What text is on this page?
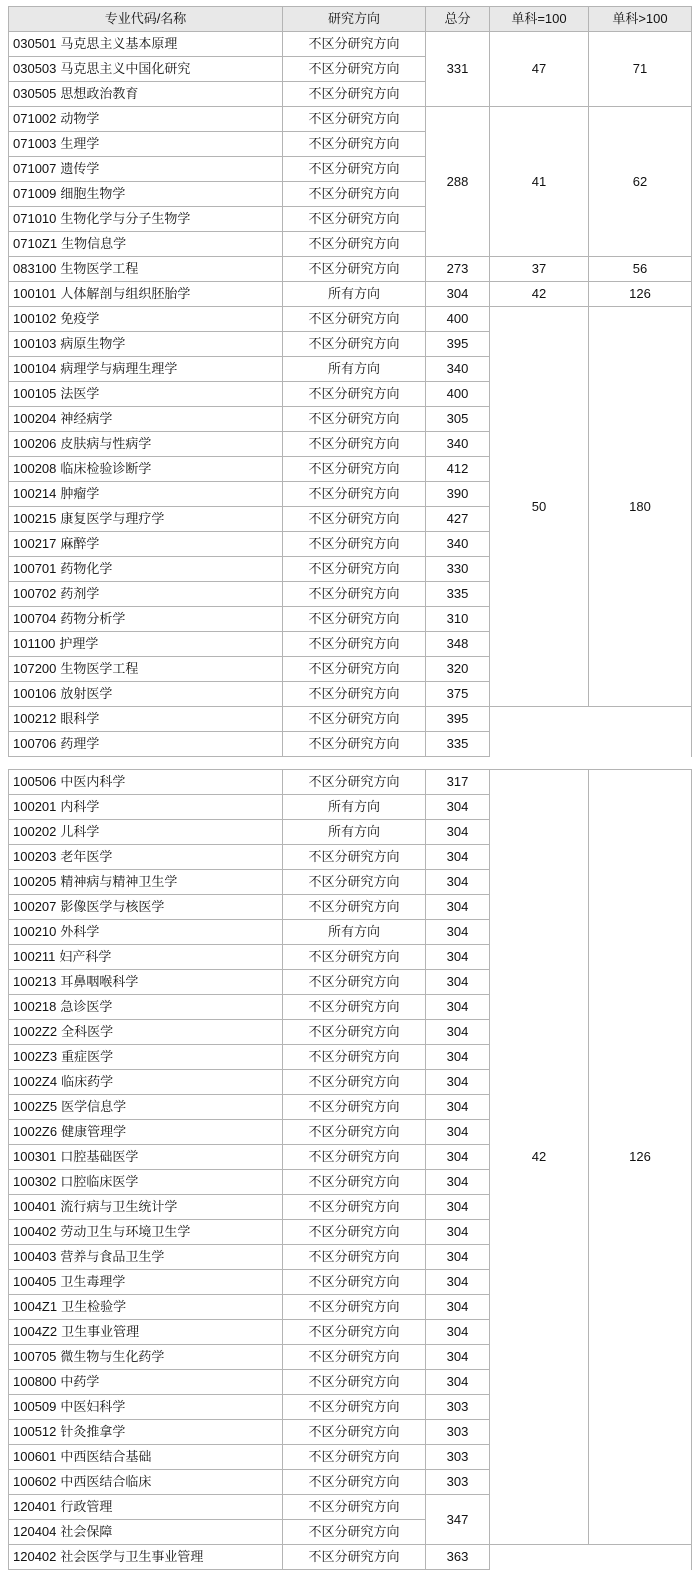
专业代码/名称	研究方向	总分	单科=100	单科>100	
030501 马克思主义基本原理	不区分研究方向	331	47	71	
030503 马克思主义中国化研究	不区分研究方向				
030505 思想政治教育	不区分研究方向				
071002 动物学	不区分研究方向	288	41	62	
071003 生理学	不区分研究方向				
071007 遗传学	不区分研究方向				
071009 细胞生物学	不区分研究方向				
071010 生物化学与分子生物学	不区分研究方向				
0710Z1 生物信息学	不区分研究方向				
083100 生物医学工程	不区分研究方向	273	37	56	
100101 人体解剖与组织胚胎学	所有方向	304	42	126	
100102 免疫学	不区分研究方向	400	50	180	
100103 病原生物学	不区分研究方向	395			
100104 病理学与病理生理学	所有方向	340			
100105 法医学	不区分研究方向	400			
100204 神经病学	不区分研究方向	305			
100206 皮肤病与性病学	不区分研究方向	340			
100208 临床检验诊断学	不区分研究方向	412			
100214 肿瘤学	不区分研究方向	390			
100215 康复医学与理疗学	不区分研究方向	427			
100217 麻醉学	不区分研究方向	340			
100701 药物化学	不区分研究方向	330			
100702 药剂学	不区分研究方向	335			
100704 药物分析学	不区分研究方向	310			
101100 护理学	不区分研究方向	348			
107200 生物医学工程	不区分研究方向	320			
100106 放射医学	不区分研究方向	375		
100212 眼科学	不区分研究方向	395			
100706 药理学	不区分研究方向	335			
100506 中医内科学	不区分研究方向	317	42	126	
100201 内科学	所有方向	304			
100202 儿科学	所有方向	304			
100203 老年医学	不区分研究方向	304			
100205 精神病与精神卫生学	不区分研究方向	304			
100207 影像医学与核医学	不区分研究方向	304			
100210 外科学	所有方向	304			
100211 妇产科学	不区分研究方向	304			
100213 耳鼻咽喉科学	不区分研究方向	304			
100218 急诊医学	不区分研究方向	304			
1002Z2 全科医学	不区分研究方向	304			
1002Z3 重症医学	不区分研究方向	304			
1002Z4 临床药学	不区分研究方向	304			
1002Z5 医学信息学	不区分研究方向	304			
1002Z6 健康管理学	不区分研究方向	304			
100301 口腔基础医学	不区分研究方向	304			
100302 口腔临床医学	不区分研究方向	304			
100401 流行病与卫生统计学	不区分研究方向	304			
100402 劳动卫生与环境卫生学	不区分研究方向	304			
100403 营养与食品卫生学	不区分研究方向	304			
100405 卫生毒理学	不区分研究方向	304			
1004Z1 卫生检验学	不区分研究方向	304			
1004Z2 卫生事业管理	不区分研究方向	304			
100705 微生物与生化药学	不区分研究方向	304			
100800 中药学	不区分研究方向	304			
100509 中医妇科学	不区分研究方向	303			
100512 针灸推拿学	不区分研究方向	303			
100601 中西医结合基础	不区分研究方向	303			
100602 中西医结合临床	不区分研究方向	303			
120401 行政管理	不区分研究方向	347			
120404 社会保障	不区分研究方向		
120402 社会医学与卫生事业管理	不区分研究方向	363			
